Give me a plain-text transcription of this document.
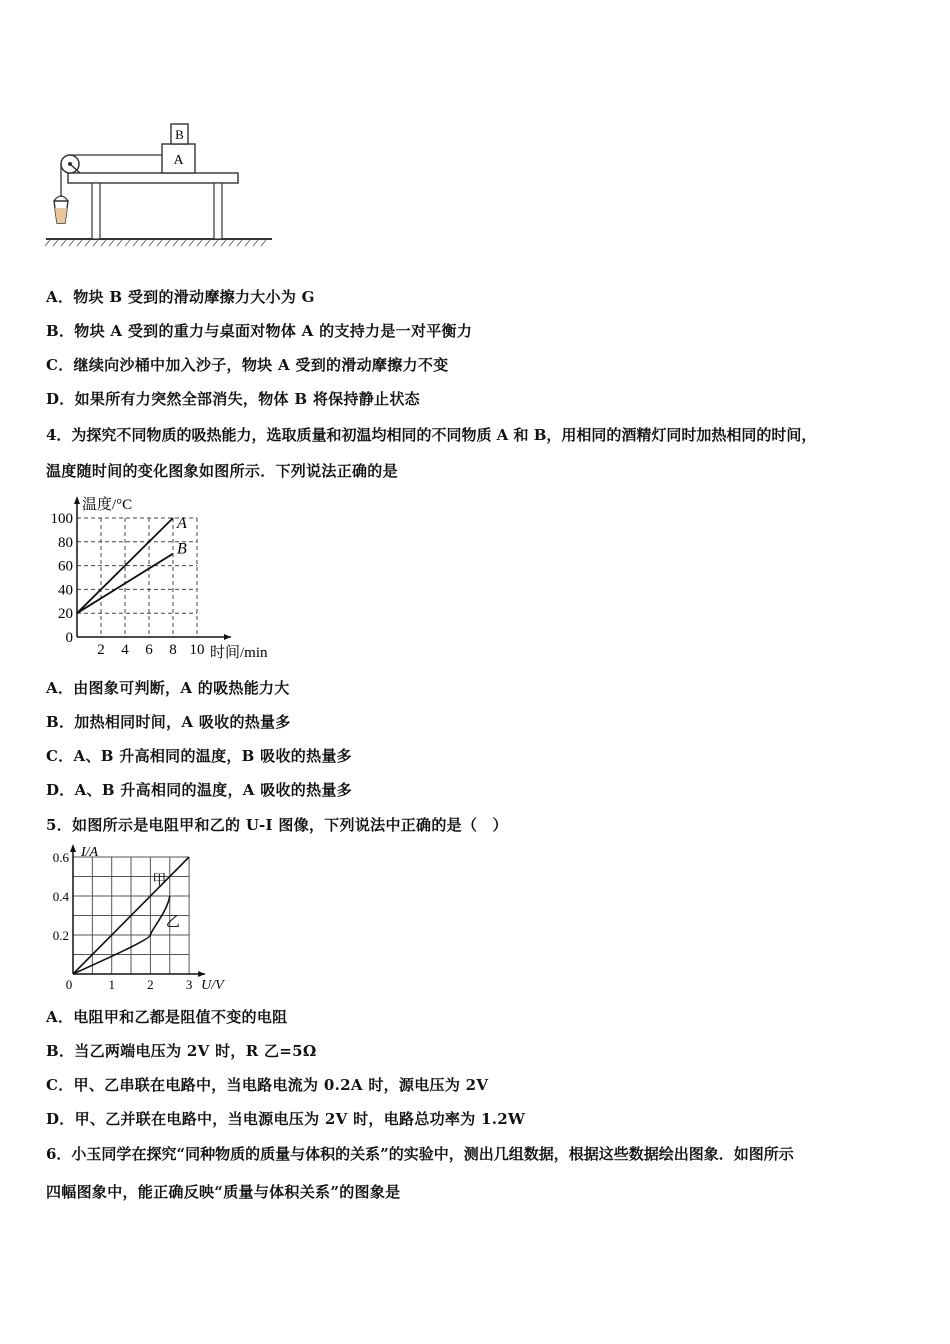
A
B
A．物块 B 受到的滑动摩擦力大小为 G
B．物块 A 受到的重力与桌面对物体 A 的支持力是一对平衡力
C．继续向沙桶中加入沙子，物块 A 受到的滑动摩擦力不变
D．如果所有力突然全部消失，物体 B 将保持静止状态
4．为探究不同物质的吸热能力，选取质量和初温均相同的不同物质 A 和 B，用相同的酒精灯同时加热相同的时间，
温度随时间的变化图象如图所示．下列说法正确的是
2 4 6 8 10
0
20
40
60
80
100
温度/°C
时间/min
A
B
A．由图象可判断，A 的吸热能力大
B．加热相同时间，A 吸收的热量多
C．A、B 升高相同的温度，B 吸收的热量多
D．A、B 升高相同的温度，A 吸收的热量多
5．如图所示是电阻甲和乙的 U-I 图像，下列说法中正确的是（　）
0	1 2 3
0.2
0.4
0.6 I/A
U/V
甲
乙
A．电阻甲和乙都是阻值不变的电阻
B．当乙两端电压为 2V 时，R 乙=5Ω
C．甲、乙串联在电路中，当电路电流为 0.2A 时，源电压为 2V
D．甲、乙并联在电路中，当电源电压为 2V 时，电路总功率为 1.2W
6．小玉同学在探究“同种物质的质量与体积的关系”的实验中，测出几组数据，根据这些数据绘出图象．如图所示
四幅图象中，能正确反映“质量与体积关系”的图象是
